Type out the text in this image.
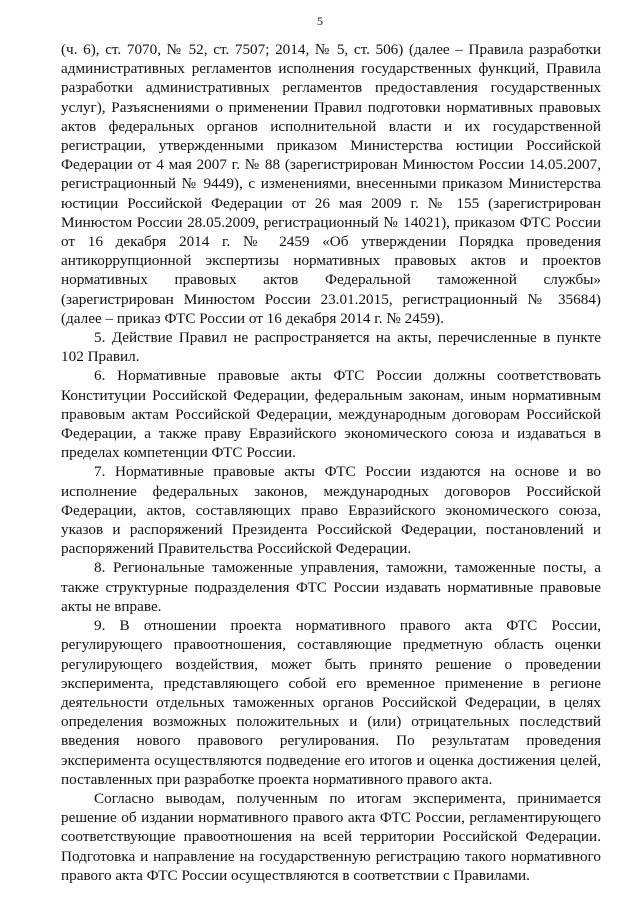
5

(ч. 6), ст. 7070, № 52, ст. 7507; 2014, № 5, ст. 506) (далее – Правила разработки административных регламентов исполнения государственных функций, Правила разработки административных регламентов предоставления государственных услуг), Разъяснениями о применении Правил подготовки нормативных правовых актов федеральных органов исполнительной власти и их государственной регистрации, утвержденными приказом Министерства юстиции Российской Федерации от 4 мая 2007 г. № 88 (зарегистрирован Минюстом России 14.05.2007, регистрационный № 9449), с изменениями, внесенными приказом Министерства юстиции Российской Федерации от 26 мая 2009 г. № 155 (зарегистрирован Минюстом России 28.05.2009, регистрационный № 14021), приказом ФТС России от 16 декабря 2014 г. № 2459 «Об утверждении Порядка проведения антикоррупционной экспертизы нормативных правовых актов и проектов нормативных правовых актов Федеральной таможенной службы» (зарегистрирован Минюстом России 23.01.2015, регистрационный № 35684) (далее – приказ ФТС России от 16 декабря 2014 г. № 2459).

5. Действие Правил не распространяется на акты, перечисленные в пункте 102 Правил.

6. Нормативные правовые акты ФТС России должны соответствовать Конституции Российской Федерации, федеральным законам, иным нормативным правовым актам Российской Федерации, международным договорам Российской Федерации, а также праву Евразийского экономического союза и издаваться в пределах компетенции ФТС России.

7. Нормативные правовые акты ФТС России издаются на основе и во исполнение федеральных законов, международных договоров Российской Федерации, актов, составляющих право Евразийского экономического союза, указов и распоряжений Президента Российской Федерации, постановлений и распоряжений Правительства Российской Федерации.

8. Региональные таможенные управления, таможни, таможенные посты, а также структурные подразделения ФТС России издавать нормативные правовые акты не вправе.

9. В отношении проекта нормативного правого акта ФТС России, регулирующего правоотношения, составляющие предметную область оценки регулирующего воздействия, может быть принято решение о проведении эксперимента, представляющего собой его временное применение в регионе деятельности отдельных таможенных органов Российской Федерации, в целях определения возможных положительных и (или) отрицательных последствий введения нового правового регулирования. По результатам проведения эксперимента осуществляются подведение его итогов и оценка достижения целей, поставленных при разработке проекта нормативного правого акта.

Согласно выводам, полученным по итогам эксперимента, принимается решение об издании нормативного правого акта ФТС России, регламентирующего соответствующие правоотношения на всей территории Российской Федерации. Подготовка и направление на государственную регистрацию такого нормативного правого акта ФТС России осуществляются в соответствии с Правилами.
